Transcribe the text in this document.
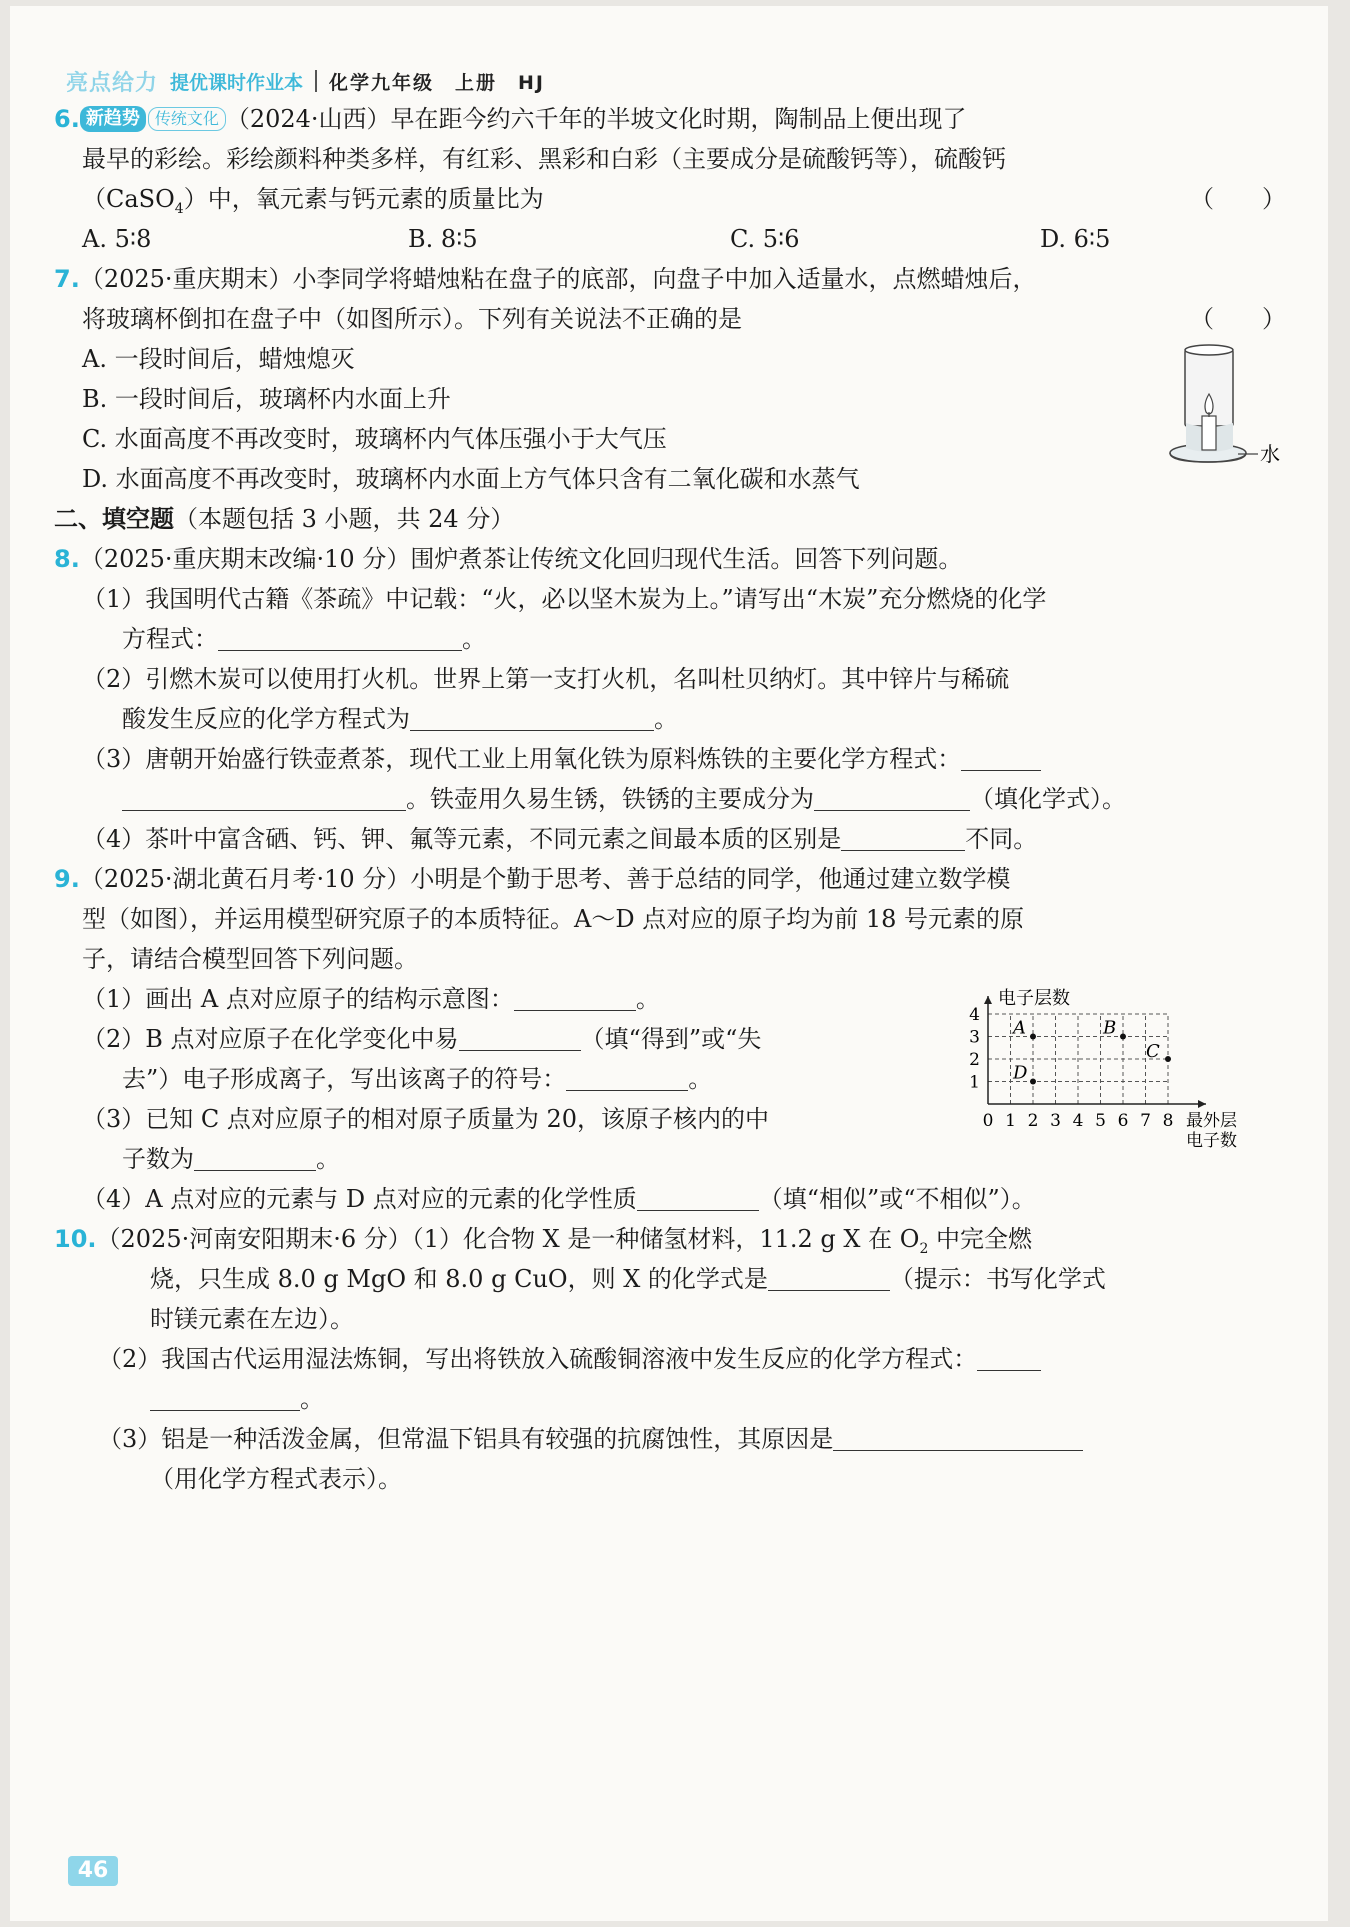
亮点给力 提优课时作业本 化学九年级　上册　HJ
6. 新趋势 传统文化 （2024·山西）早在距今约六千年的半坡文化时期，陶制品上便出现了
最早的彩绘。彩绘颜料种类多样，有红彩、黑彩和白彩（主要成分是硫酸钙等），硫酸钙
（CaSO$_4$）中，氧元素与钙元素的质量比为	（　　）
A. 5∶8	B. 8∶5	C. 5∶6	D. 6∶5
7.（2025·重庆期末）小李同学将蜡烛粘在盘子的底部，向盘子中加入适量水，点燃蜡烛后，
将玻璃杯倒扣在盘子中（如图所示）。下列有关说法不正确的是	（　　）
A. 一段时间后，蜡烛熄灭
B. 一段时间后，玻璃杯内水面上升
C. 水面高度不再改变时，玻璃杯内气体压强小于大气压
D. 水面高度不再改变时，玻璃杯内水面上方气体只含有二氧化碳和水蒸气
水
二、填空题（本题包括 3 小题，共 24 分）
8.（2025·重庆期末改编·10 分）围炉煮茶让传统文化回归现代生活。回答下列问题。
（1）我国明代古籍《茶疏》中记载：“火，必以坚木炭为上。”请写出“木炭”充分燃烧的化学
方程式：	。
（2）引燃木炭可以使用打火机。世界上第一支打火机，名叫杜贝纳灯。其中锌片与稀硫
酸发生反应的化学方程式为	。
（3）唐朝开始盛行铁壶煮茶，现代工业上用氧化铁为原料炼铁的主要化学方程式：
。铁壶用久易生锈，铁锈的主要成分为	（填化学式）。
（4）茶叶中富含硒、钙、钾、氟等元素，不同元素之间最本质的区别是	不同。
9.（2025·湖北黄石月考·10 分）小明是个勤于思考、善于总结的同学，他通过建立数学模
型（如图），并运用模型研究原子的本质特征。A～D 点对应的原子均为前 18 号元素的原
子，请结合模型回答下列问题。
（1）画出 A 点对应原子的结构示意图：	。
（2）B 点对应原子在化学变化中易	（填“得到”或“失
去”）电子形成离子，写出该离子的符号：	。
（3）已知 C 点对应原子的相对原子质量为 20，该原子核内的中
子数为	。
（4）A 点对应的元素与 D 点对应的元素的化学性质	（填“相似”或“不相似”）。
0 1 2 3 4 5 6 7 8
1
2
3
4
电子层数
最外层
电子数
A	B
C
D
10.（2025·河南安阳期末·6 分）（1）化合物 X 是一种储氢材料，11.2 g X 在 $O_2$ 中完全燃
烧，只生成 8.0 g MgO 和 8.0 g CuO，则 X 的化学式是	（提示：书写化学式
时镁元素在左边）。
（2）我国古代运用湿法炼铜，写出将铁放入硫酸铜溶液中发生反应的化学方程式：
。
（3）铝是一种活泼金属，但常温下铝具有较强的抗腐蚀性，其原因是
（用化学方程式表示）。
46
